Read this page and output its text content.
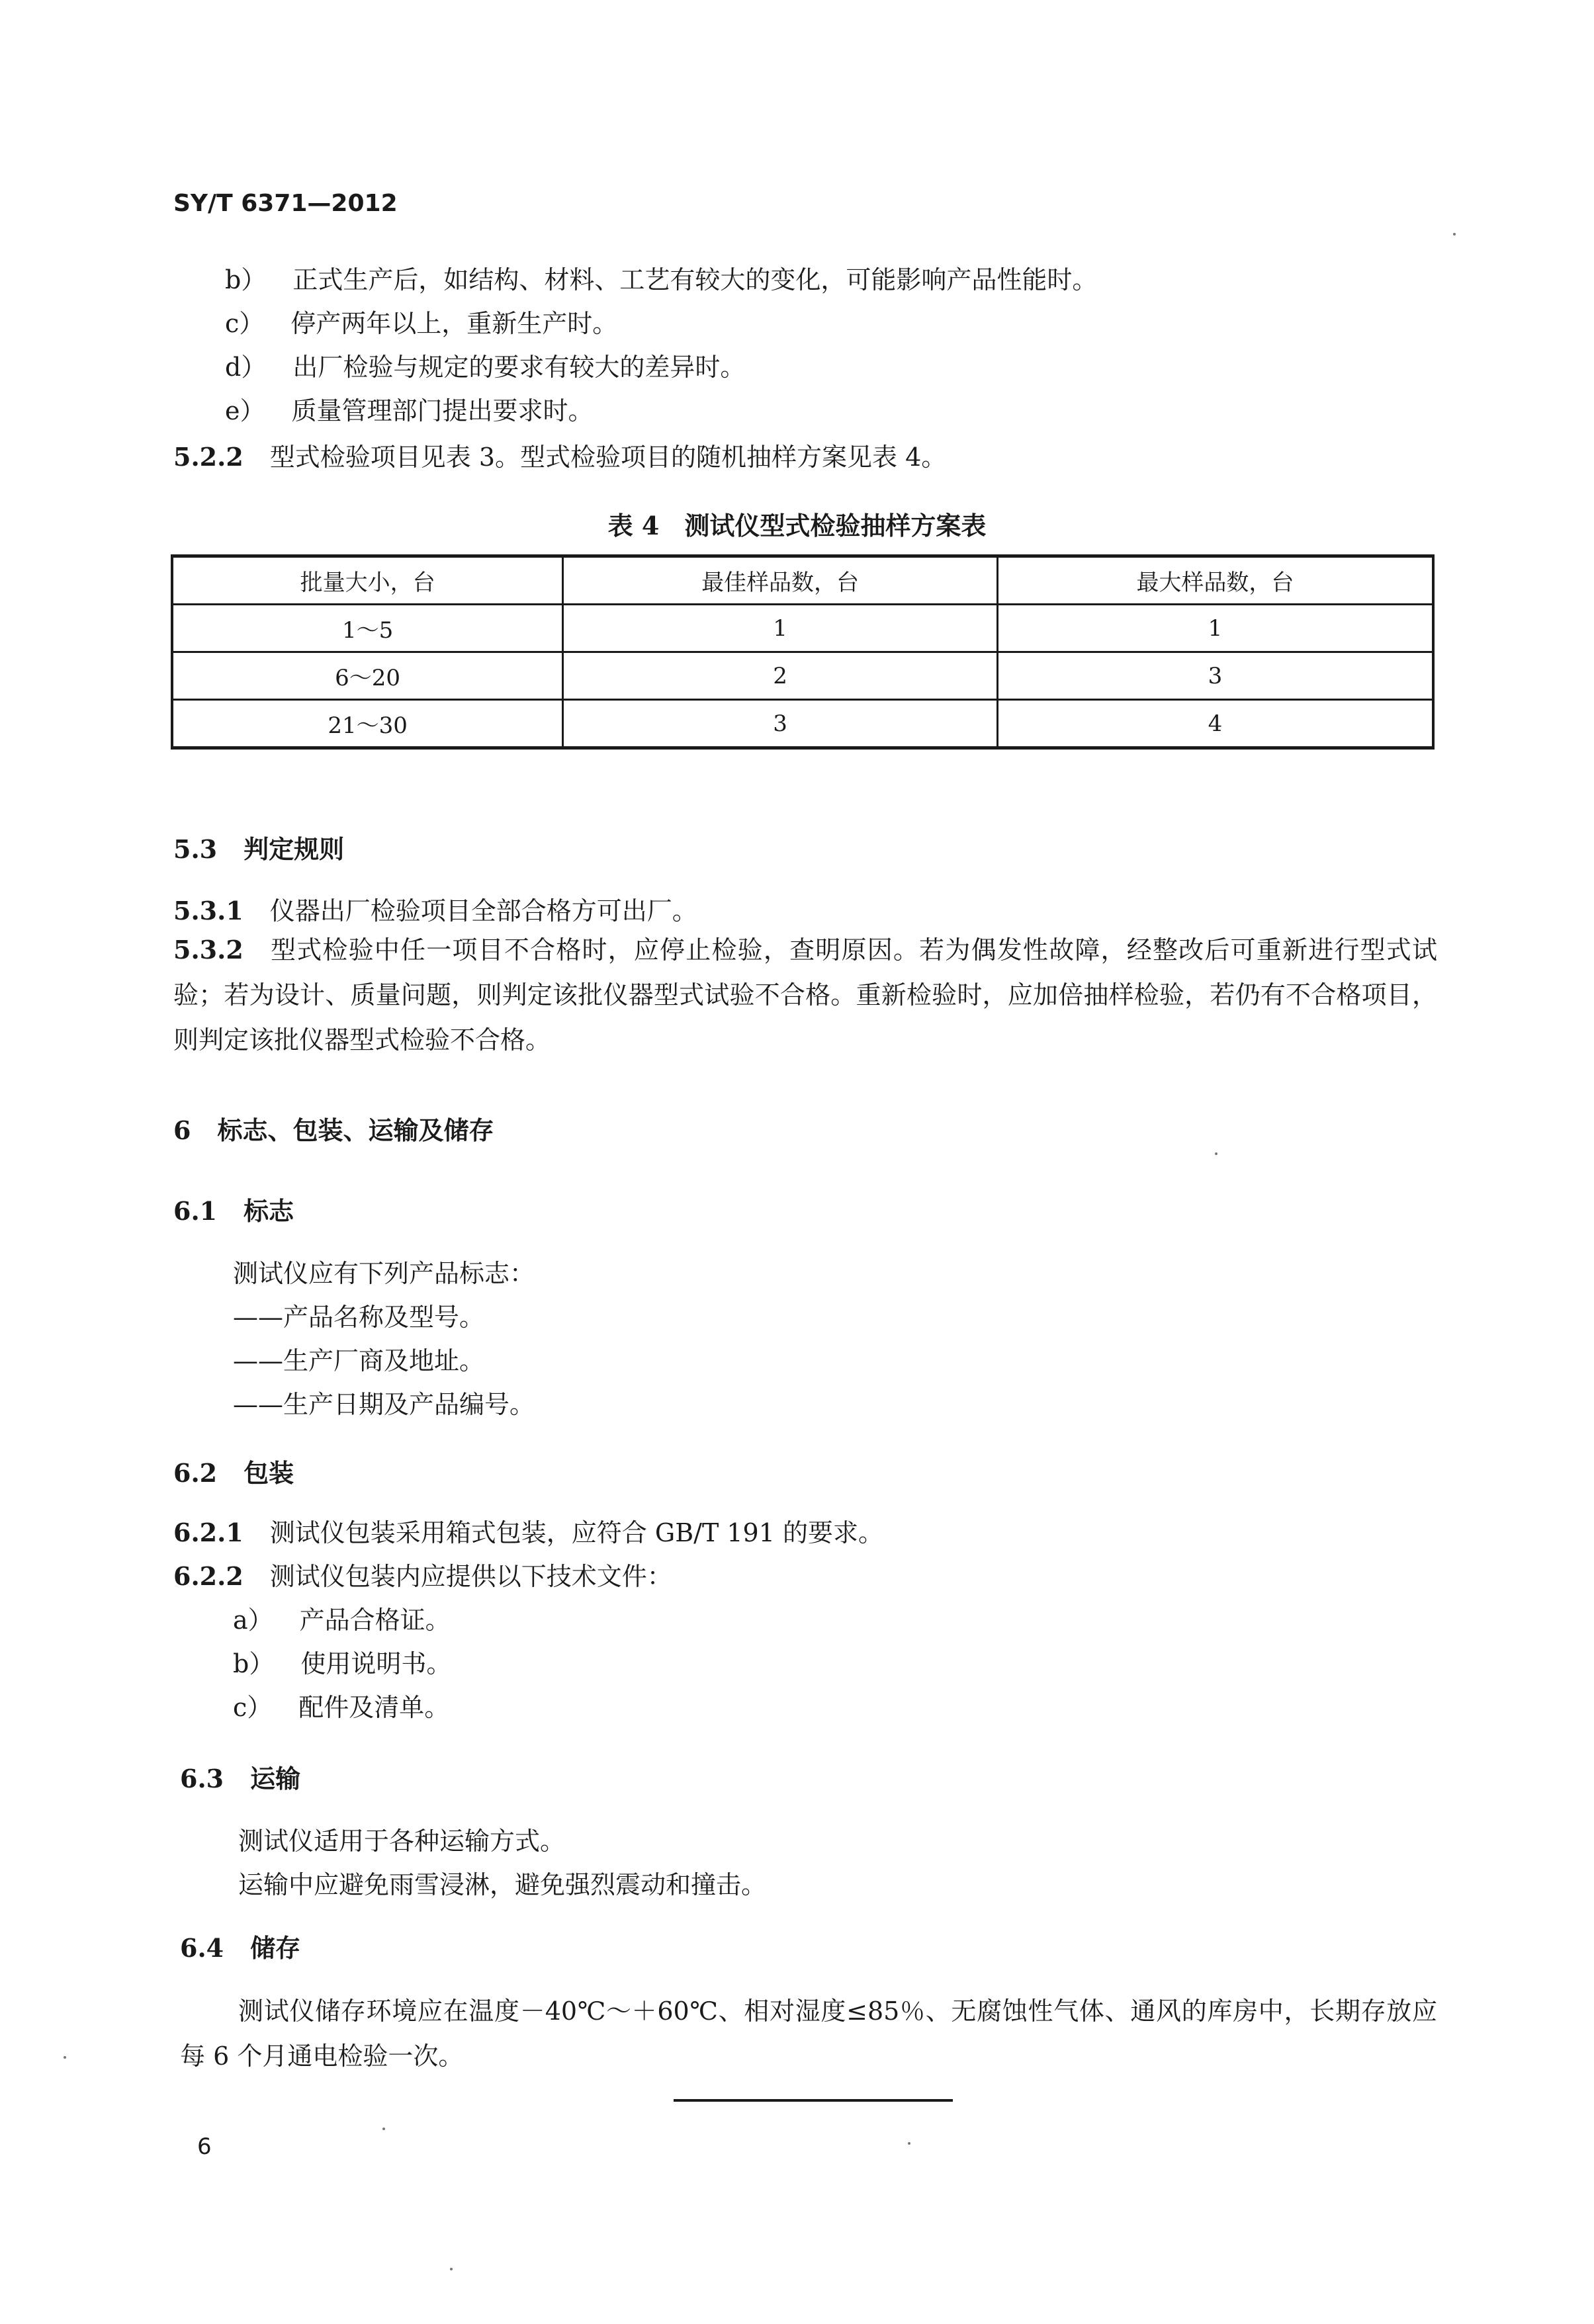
SY/T 6371—2012
b） 正式生产后，如结构、材料、工艺有较大的变化，可能影响产品性能时。
c） 停产两年以上，重新生产时。
d） 出厂检验与规定的要求有较大的差异时。
e） 质量管理部门提出要求时。
5.2.2 型式检验项目见表 3。型式检验项目的随机抽样方案见表 4。
表 4　测试仪型式检验抽样方案表
批量大小，台	最佳样品数，台	最大样品数，台
1～5	1	1
6～20	2	3
21～30	3	4
5.3 判定规则
5.3.1 仪器出厂检验项目全部合格方可出厂。
5.3.2 型式检验中任一项目不合格时，应停止检验，查明原因。若为偶发性故障，经整改后可重新进行型式试验；若为设计、质量问题，则判定该批仪器型式试验不合格。重新检验时，应加倍抽样检验，若仍有不合格项目，则判定该批仪器型式检验不合格。
6 标志、包装、运输及储存
6.1 标志
测试仪应有下列产品标志：
——产品名称及型号。
——生产厂商及地址。
——生产日期及产品编号。
6.2 包装
6.2.1 测试仪包装采用箱式包装，应符合 GB/T 191 的要求。
6.2.2 测试仪包装内应提供以下技术文件：
a） 产品合格证。
b） 使用说明书。
c） 配件及清单。
6.3 运输
测试仪适用于各种运输方式。
运输中应避免雨雪浸淋，避免强烈震动和撞击。
6.4 储存
测试仪储存环境应在温度－40℃～＋60℃、相对湿度≤85％、无腐蚀性气体、通风的库房中，长期存放应每 6 个月通电检验一次。
6
